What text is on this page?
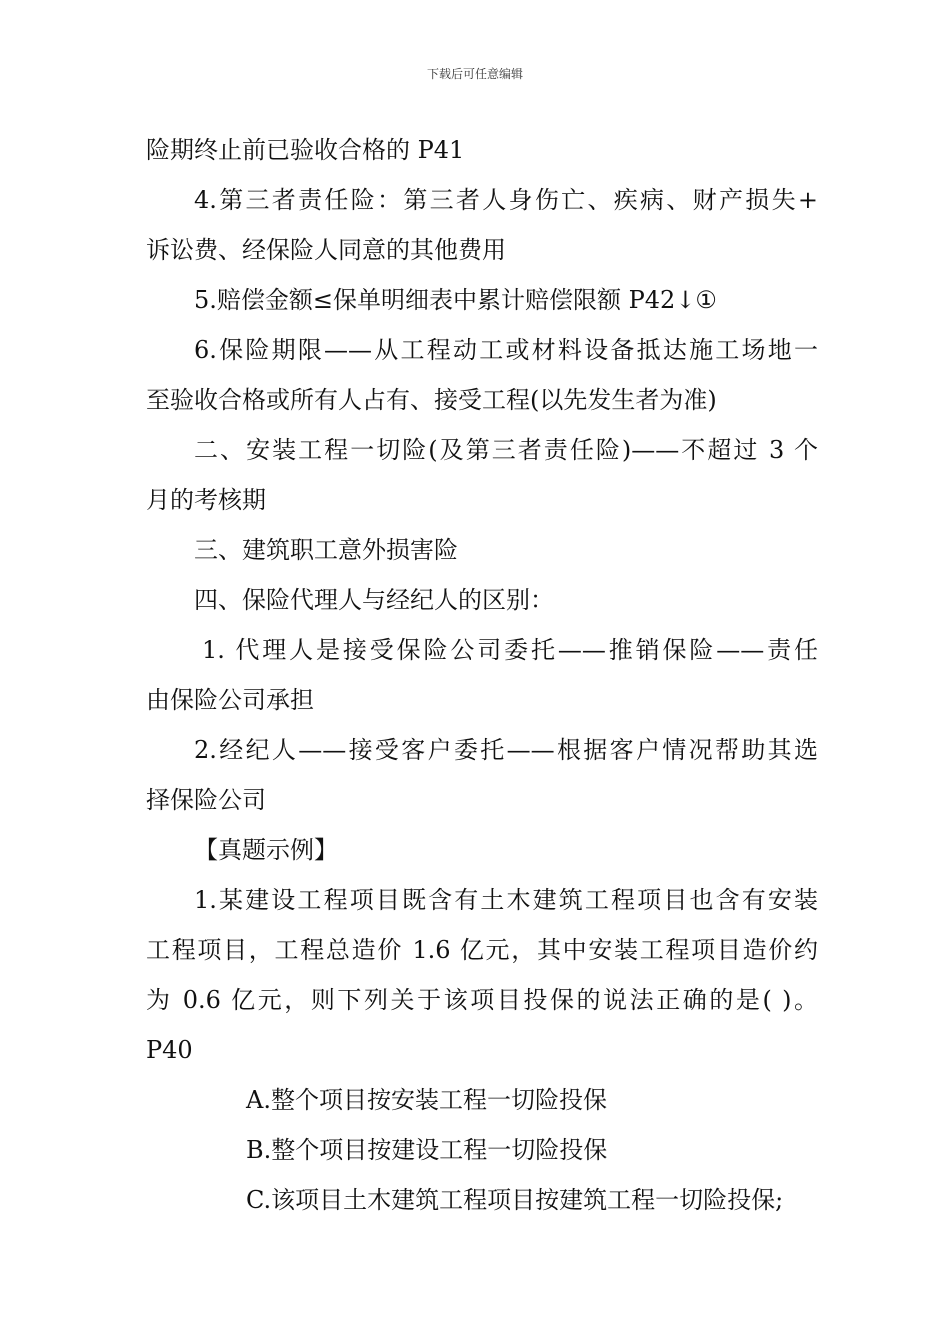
下载后可任意编辑
险期终止前已验收合格的 P41
4.第三者责任险：第三者人身伤亡、疾病、财产损失+
诉讼费、经保险人同意的其他费用
5.赔偿金额≤保单明细表中累计赔偿限额 P42↓①
6.保险期限——从工程动工或材料设备抵达施工场地一
至验收合格或所有人占有、接受工程(以先发生者为准)
二、安装工程一切险(及第三者责任险)——不超过 3 个
月的考核期
三、建筑职工意外损害险
四、保险代理人与经纪人的区别：
1. 代理人是接受保险公司委托——推销保险——责任
由保险公司承担
2.经纪人——接受客户委托——根据客户情况帮助其选
择保险公司
【真题示例】
1.某建设工程项目既含有土木建筑工程项目也含有安装
工程项目，工程总造价 1.6 亿元，其中安装工程项目造价约
为 0.6 亿元，则下列关于该项目投保的说法正确的是( )。
P40
A.整个项目按安装工程一切险投保
B.整个项目按建设工程一切险投保
C.该项目土木建筑工程项目按建筑工程一切险投保;
